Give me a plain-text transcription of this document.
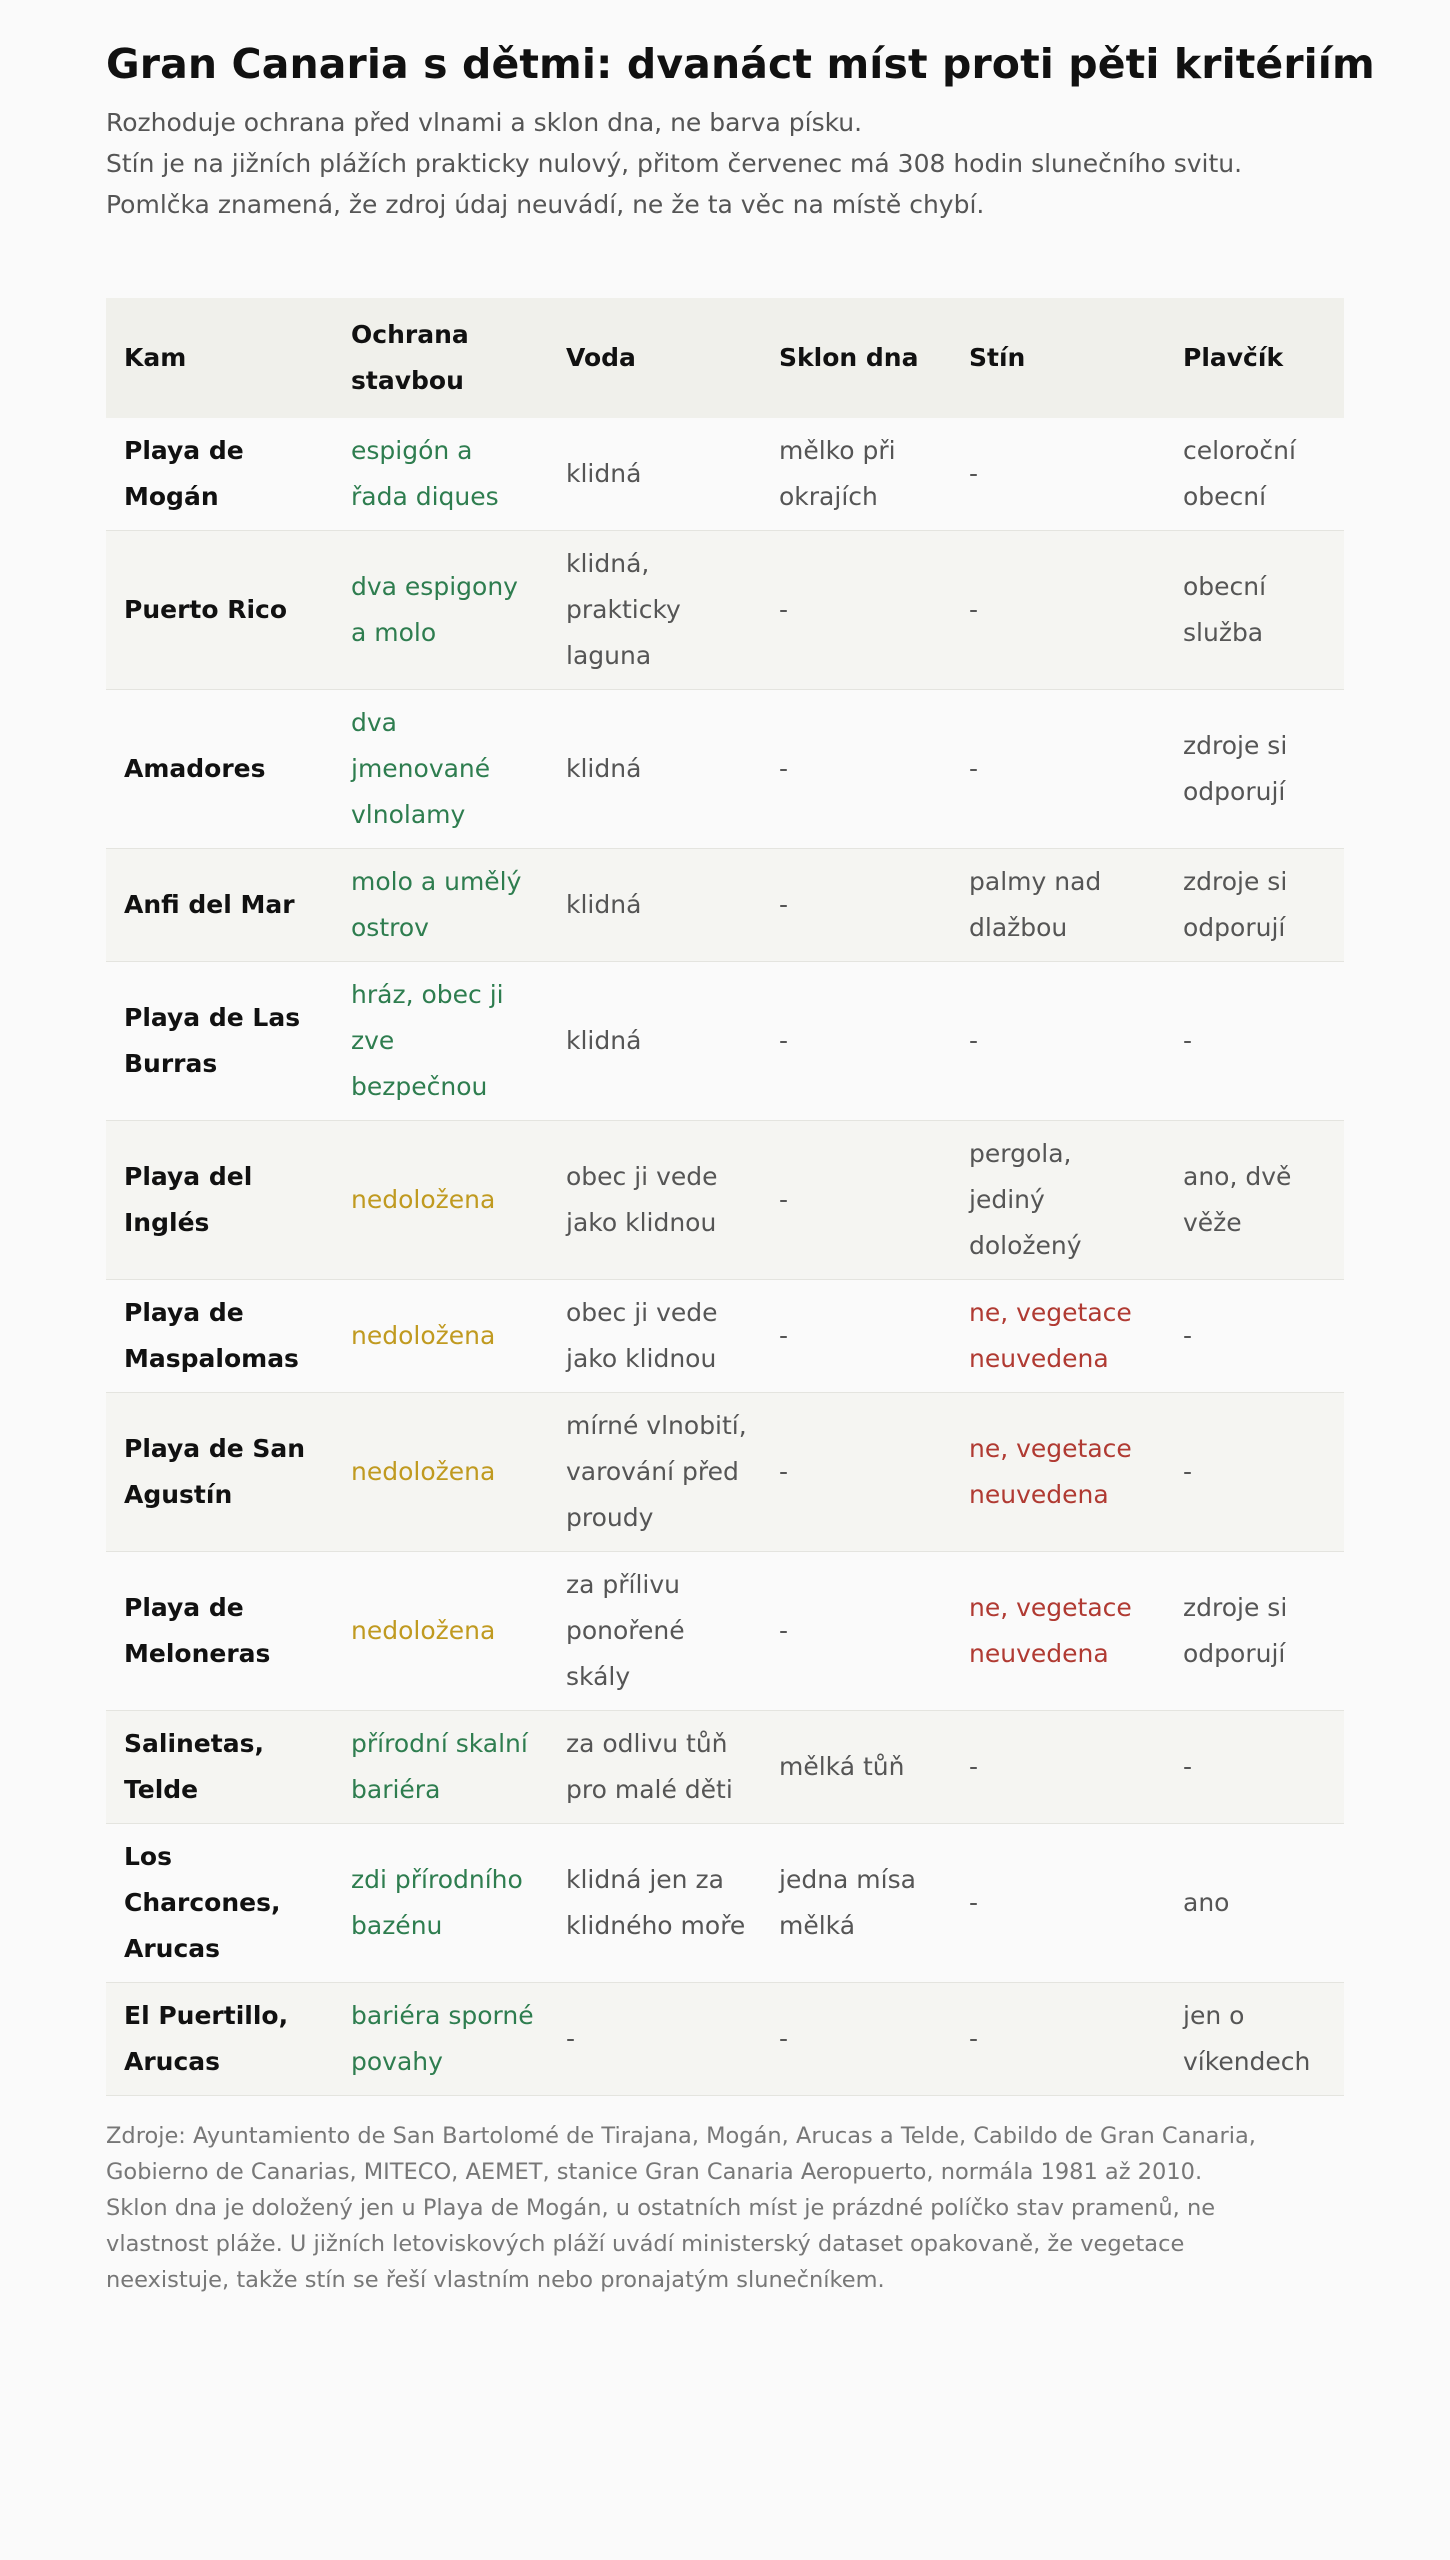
Gran Canaria s dětmi: dvanáct míst proti pěti kritériím

Rozhoduje ochrana před vlnami a sklon dna, ne barva písku.

Stín je na jižních plážích prakticky nulový, přitom červenec má 308 hodin slunečního svitu.

Pomlčka znamená, že zdroj údaj neuvádí, ne že ta věc na místě chybí.

Kam	Ochrana stavbou	Voda	Sklon dna	Stín	Plavčík
Playa de Mogán	espigón a řada diques	klidná	mělko při okrajích	-	celoroční obecní
Puerto Rico	dva espigony a molo	klidná, prakticky laguna	-	-	obecní služba
Amadores	dva jmenované vlnolamy	klidná	-	-	zdroje si odporují
Anfi del Mar	molo a umělý ostrov	klidná	-	palmy nad dlažbou	zdroje si odporují
Playa de Las Burras	hráz, obec ji zve bezpečnou	klidná	-	-	-
Playa del Inglés	nedoložena	obec ji vede jako klidnou	-	pergola, jediný doložený	ano, dvě věže
Playa de Maspalomas	nedoložena	obec ji vede jako klidnou	-	ne, vegetace neuvedena	-
Playa de San Agustín	nedoložena	mírné vlnobití, varování před proudy	-	ne, vegetace neuvedena	-
Playa de Meloneras	nedoložena	za přílivu ponořené skály	-	ne, vegetace neuvedena	zdroje si odporují
Salinetas, Telde	přírodní skalní bariéra	za odlivu tůň pro malé děti	mělká tůň	-	-
Los Charcones, Arucas	zdi přírodního bazénu	klidná jen za klidného moře	jedna mísa mělká	-	ano
El Puertillo, Arucas	bariéra sporné povahy	-	-	-	jen o víkendech

Zdroje: Ayuntamiento de San Bartolomé de Tirajana, Mogán, Arucas a Telde, Cabildo de Gran Canaria,

Gobierno de Canarias, MITECO, AEMET, stanice Gran Canaria Aeropuerto, normála 1981 až 2010.

Sklon dna je doložený jen u Playa de Mogán, u ostatních míst je prázdné políčko stav pramenů, ne

vlastnost pláže. U jižních letoviskových pláží uvádí ministerský dataset opakovaně, že vegetace

neexistuje, takže stín se řeší vlastním nebo pronajatým slunečníkem.
